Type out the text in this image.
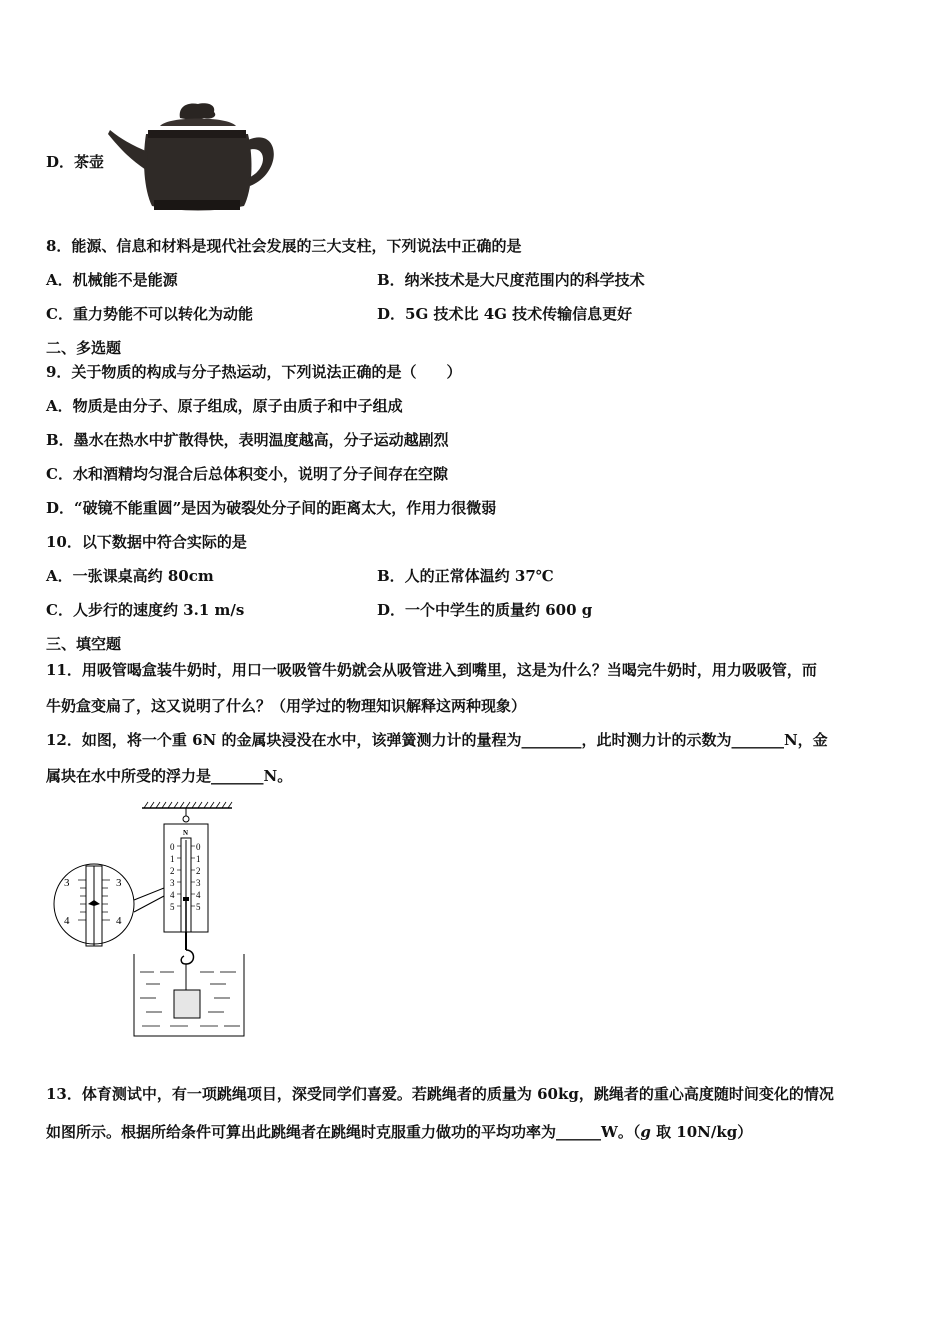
D．茶壶
8．能源、信息和材料是现代社会发展的三大支柱，下列说法中正确的是
A．机械能不是能源	B．纳米技术是大尺度范围内的科学技术
C．重力势能不可以转化为动能	D．5G 技术比 4G 技术传输信息更好
二、多选题
9．关于物质的构成与分子热运动，下列说法正确的是（　　）
A．物质是由分子、原子组成，原子由质子和中子组成
B．墨水在热水中扩散得快，表明温度越高，分子运动越剧烈
C．水和酒精均匀混合后总体积变小，说明了分子间存在空隙
D．“破镜不能重圆”是因为破裂处分子间的距离太大，作用力很微弱
10．以下数据中符合实际的是
A．一张课桌高约 80cm	B．人的正常体温约 37℃
C．人步行的速度约 3.1 m/s	D．一个中学生的质量约 600 g
三、填空题
11．用吸管喝盒装牛奶时，用口一吸吸管牛奶就会从吸管进入到嘴里，这是为什么？当喝完牛奶时，用力吸吸管，而
牛奶盒变扁了，这又说明了什么？（用学过的物理知识解释这两种现象）
12．如图，将一个重 6N 的金属块浸没在水中，该弹簧测力计的量程为________，此时测力计的示数为_______N，金
属块在水中所受的浮力是_______N。
N
0
1
2
3
4
5
0
1
2
3
4
5
3	3
4	4
13．体育测试中，有一项跳绳项目，深受同学们喜爱。若跳绳者的质量为 60kg，跳绳者的重心高度随时间变化的情况
如图所示。根据所给条件可算出此跳绳者在跳绳时克服重力做功的平均功率为______W。（g 取 10N/kg）
